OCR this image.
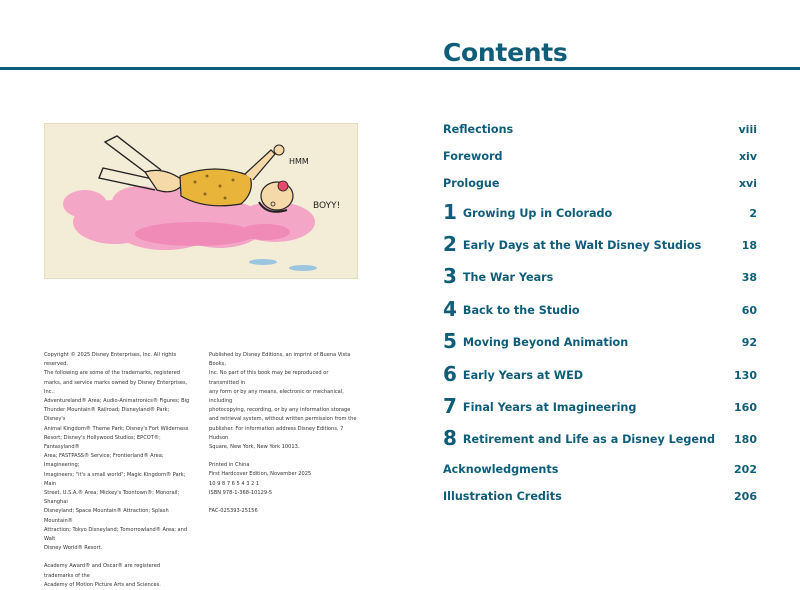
Contents
HMM
BOYY!

Copyright © 2025 Disney Enterprises, Inc. All rights reserved.
The following are some of the trademarks, registered
marks, and service marks owned by Disney Enterprises, Inc.:
Adventureland® Area; Audio-Animatronics® Figures; Big
Thunder Mountain® Railroad; Disneyland® Park; Disney's
Animal Kingdom® Theme Park; Disney's Fort Wilderness
Resort; Disney's Hollywood Studios; EPCOT®; Fantasyland®
Area; FASTPASS® Service; Frontierland® Area; Imagineering;
Imagineers; "it's a small world"; Magic Kingdom® Park; Main
Street, U.S.A.® Area; Mickey's Toontown®; Monorail; Shanghai
Disneyland; Space Mountain® Attraction; Splash Mountain®
Attraction; Tokyo Disneyland; Tomorrowland® Area; and Walt
Disney World® Resort.

Academy Award® and Oscar® are registered trademarks of the
Academy of Motion Picture Arts and Sciences.

Published by Disney Editions, an imprint of Buena Vista Books,
Inc. No part of this book may be reproduced or transmitted in
any form or by any means, electronic or mechanical, including
photocopying, recording, or by any information storage
and retrieval system, without written permission from the
publisher. For information address Disney Editions, 7 Hudson
Square, New York, New York 10013.

Printed in China
First Hardcover Edition, November 2025
10 9 8 7 6 5 4 3 2 1
ISBN 978-1-368-10129-5

FAC-025393-25156

Reflections	viii
Foreword	xiv
Prologue	xvi
1 Growing Up in Colorado	2
2 Early Days at the Walt Disney Studios	18
3 The War Years	38
4 Back to the Studio	60
5 Moving Beyond Animation	92
6 Early Years at WED	130
7 Final Years at Imagineering	160
8 Retirement and Life as a Disney Legend 180
Acknowledgments	202
Illustration Credits	206
